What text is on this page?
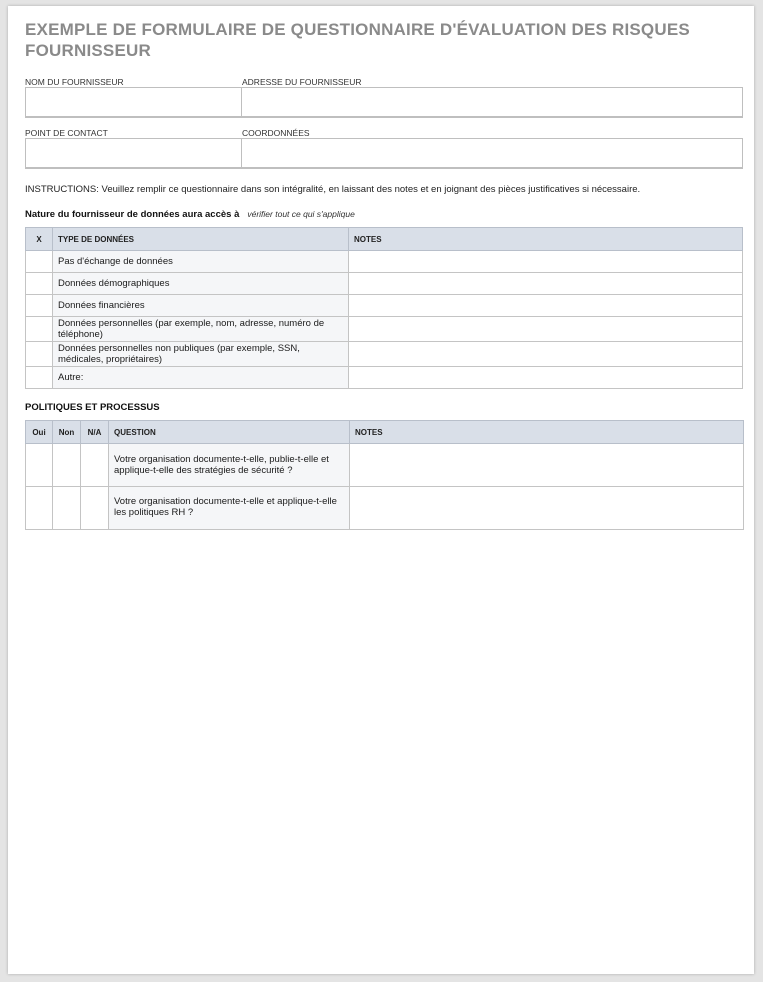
EXEMPLE DE FORMULAIRE DE QUESTIONNAIRE D'ÉVALUATION DES RISQUES FOURNISSEUR
NOM DU FOURNISSEUR	ADRESSE DU FOURNISSEUR
POINT DE CONTACT	COORDONNÉES
INSTRUCTIONS: Veuillez remplir ce questionnaire dans son intégralité, en laissant des notes et en joignant des pièces justificatives si nécessaire.
Nature du fournisseur de données aura accès à vérifier tout ce qui s'applique
X	TYPE DE DONNÉES	NOTES
	Pas d'échange de données	
	Données démographiques	
	Données financières	
	Données personnelles (par exemple, nom, adresse, numéro de téléphone)	
	Données personnelles non publiques (par exemple, SSN, médicales, propriétaires)	

	Autre:	

POLITIQUES ET PROCESSUS
Oui	Non	N/A	QUESTION	NOTES
			Votre organisation documente-t-elle, publie-t-elle et applique-t-elle des stratégies de sécurité ?	
			Votre organisation documente-t-elle et applique-t-elle les politiques RH ?	
